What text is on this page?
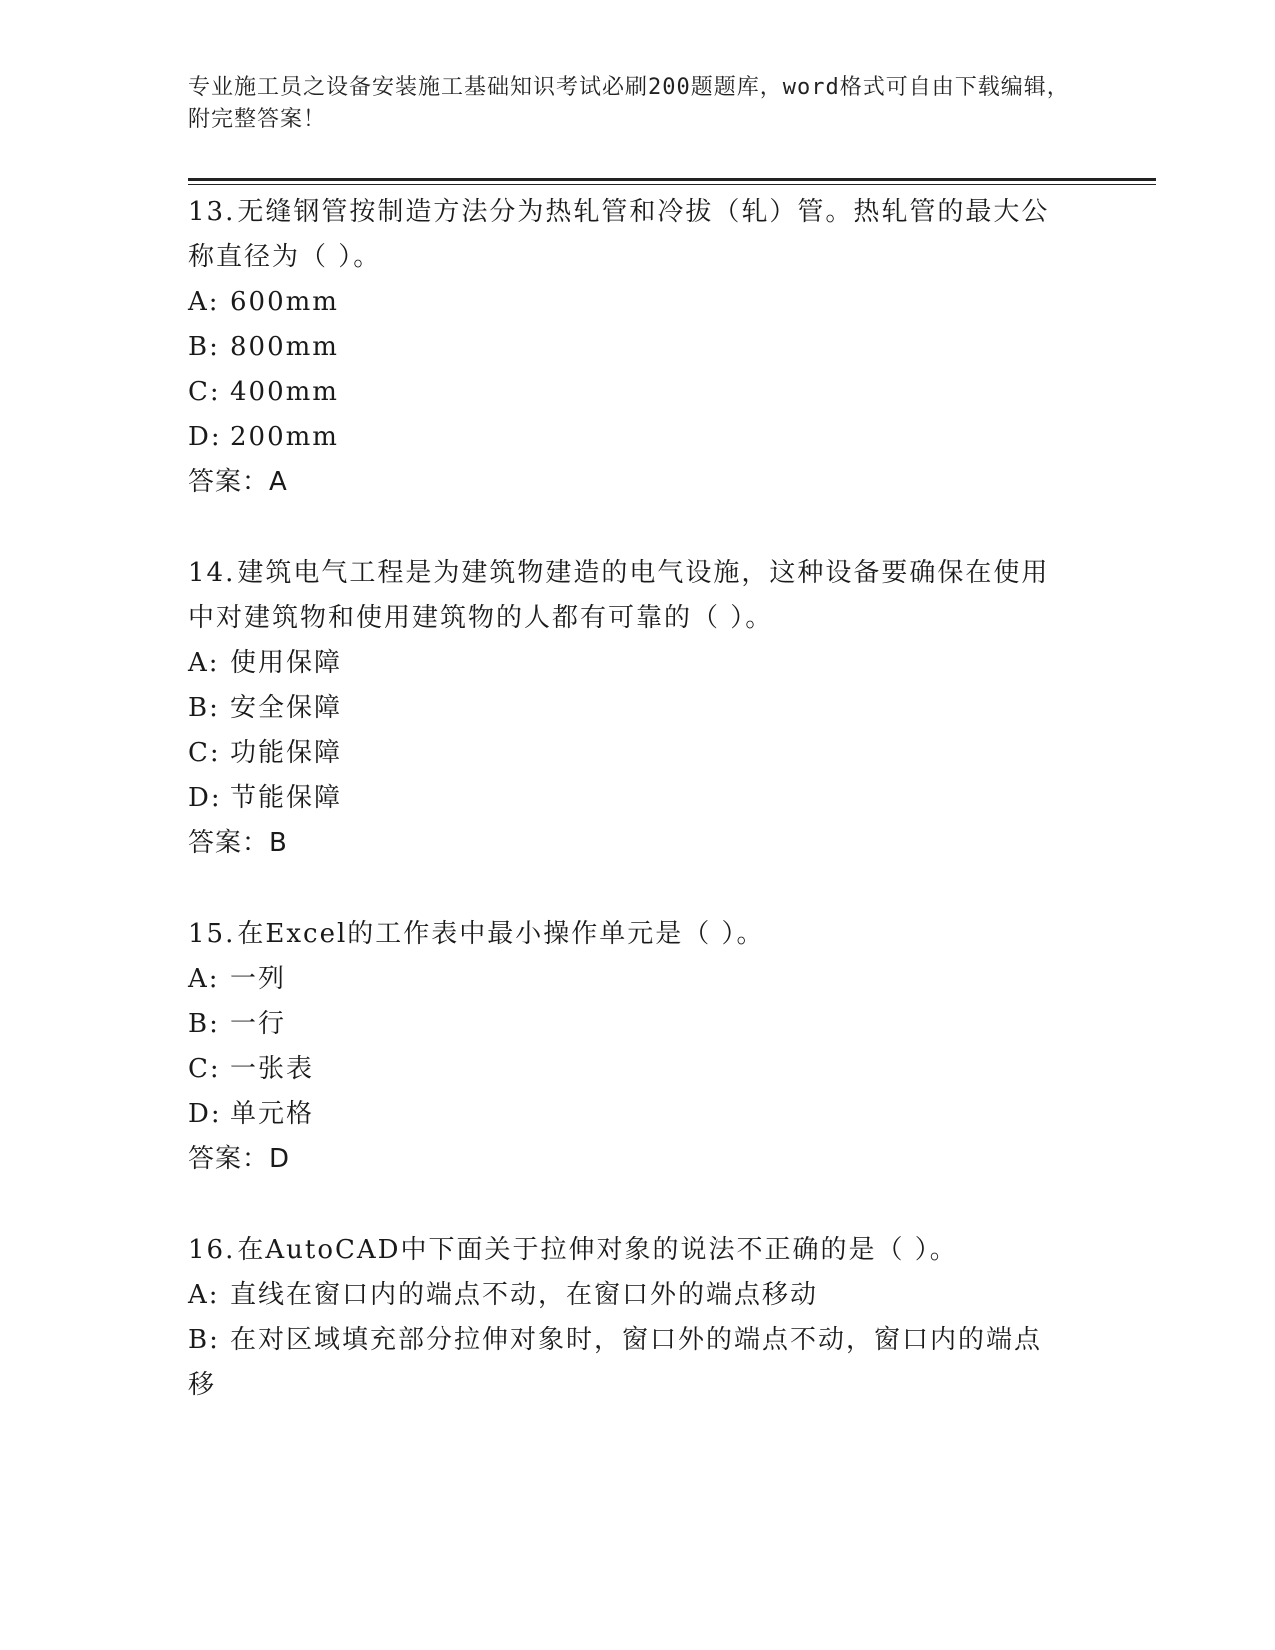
专业施工员之设备安装施工基础知识考试必刷200题题库，word格式可自由下载编辑，附完整答案！
13.无缝钢管按制造方法分为热轧管和冷拔（轧）管。热轧管的最大公称直径为（ ）。
A: 600mm
B: 800mm
C: 400mm
D: 200mm
答案：A
14.建筑电气工程是为建筑物建造的电气设施，这种设备要确保在使用中对建筑物和使用建筑物的人都有可靠的（ ）。
A: 使用保障
B: 安全保障
C: 功能保障
D: 节能保障
答案：B
15.在Excel的工作表中最小操作单元是（ ）。
A: 一列
B: 一行
C: 一张表
D: 单元格
答案：D
16.在AutoCAD中下面关于拉伸对象的说法不正确的是（ ）。
A: 直线在窗口内的端点不动，在窗口外的端点移动
B: 在对区域填充部分拉伸对象时，窗口外的端点不动，窗口内的端点移
